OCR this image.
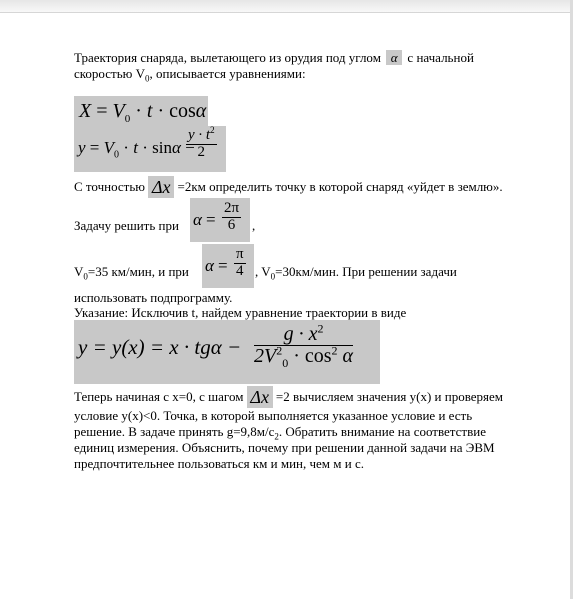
Траектория снаряда, вылетающего из орудия под углом α с начальной
скоростью $V_0$, описывается уравнениями:
$X = V_0 \cdot t \cdot \cos\alpha$
$y = V_0 \cdot t \cdot \sin\alpha$ −
$\frac{y \cdot t^2}{2}$
С точностью Δx =2км определить точку в которой снаряд «уйдет в землю».
Задачу решить при $\alpha = \frac{2\pi}{6}$ ,
$V_0=35$ км/мин, и при $\alpha = \frac{\pi}{4}$ , $V_0=30км$/мин. При решении задачи
использовать подпрограмму.
Указание: Исключив t, найдем уравнение траектории в виде
$y = y(x) = x \cdot tg\alpha - \frac{g \cdot x^2}{2V^2_0 \cdot \cos^2 \alpha}$
Теперь начиная с x=0, с шагом Δx =2 вычисляем значения y(x) и проверяем
условие y(x)<0. Точка, в которой выполняется указанное условие и есть
решение. В задаче принять $g=9,8м/с_2$. Обратить внимание на соответствие
единиц измерения. Объяснить, почему при решении данной задачи на ЭВМ
предпочтительнее пользоваться км и мин, чем м и с.
